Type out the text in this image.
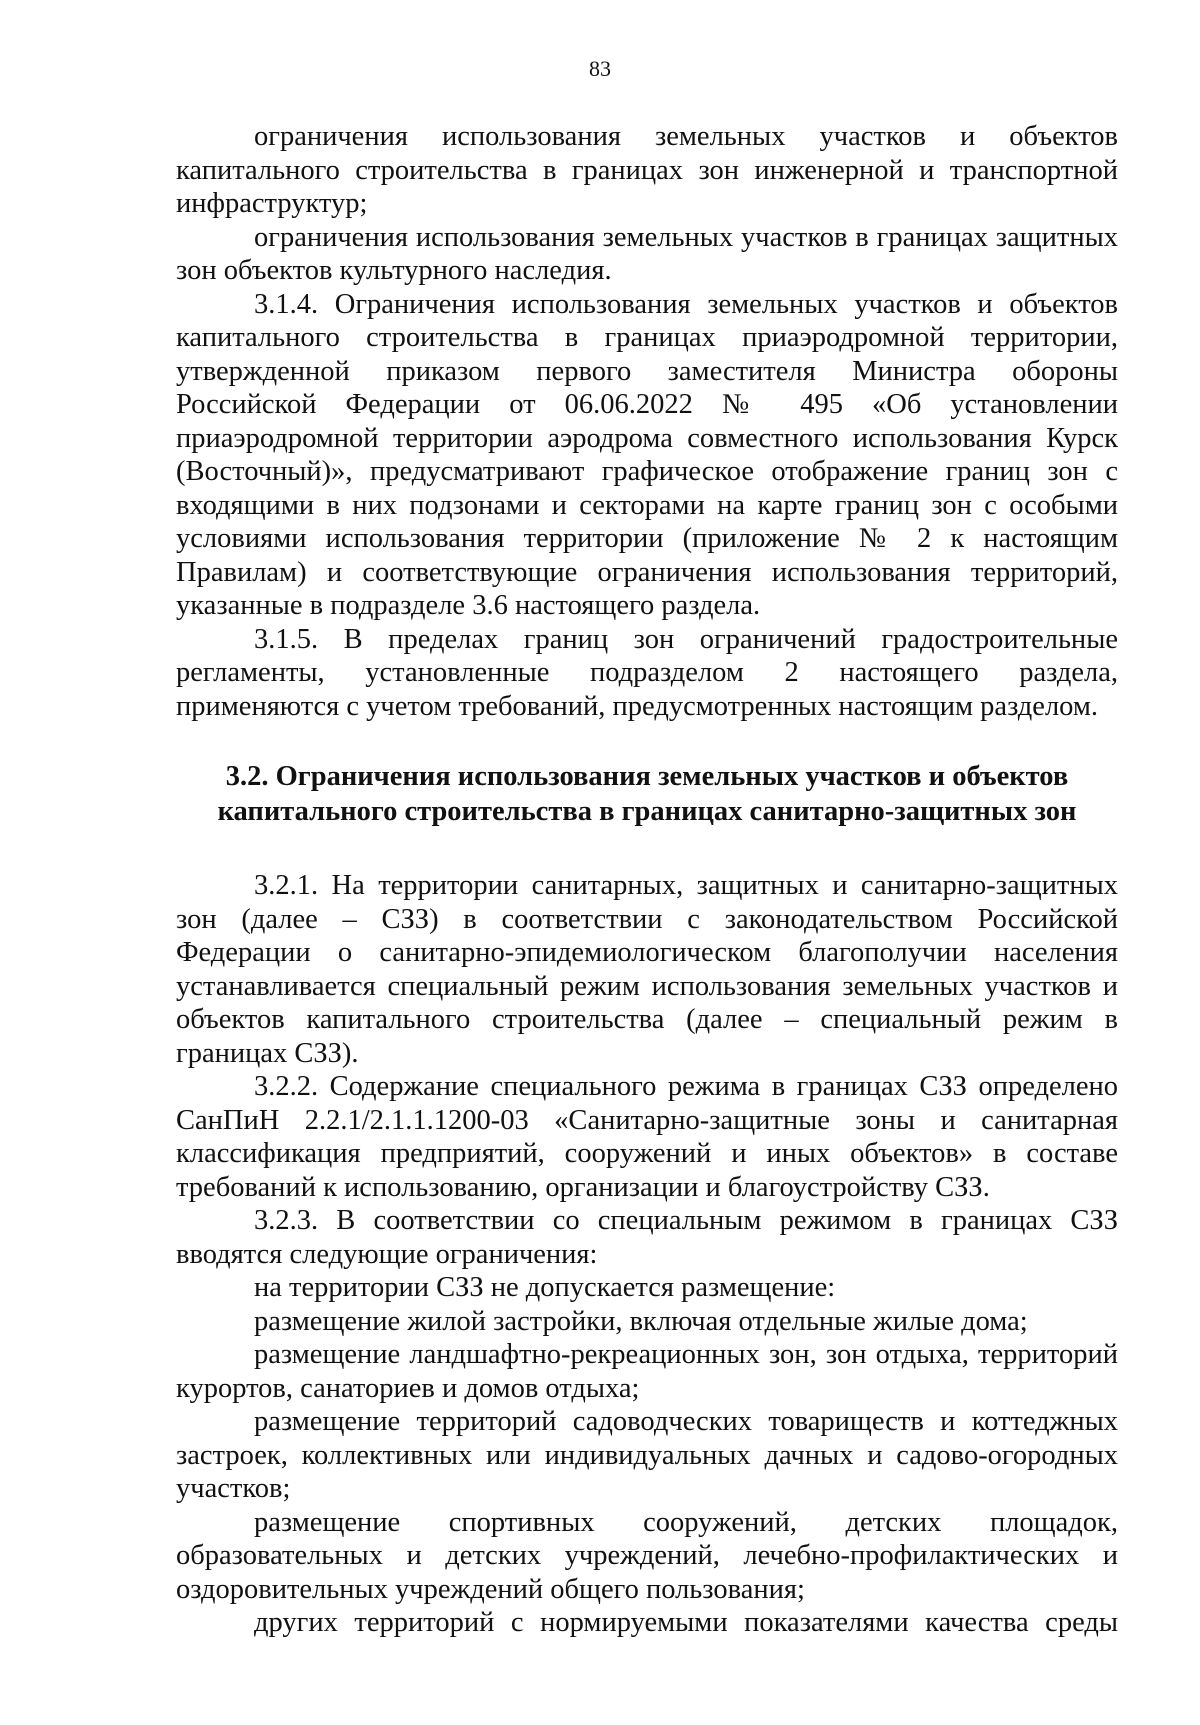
83

ограничения использования земельных участков и объектов капитального строительства в границах зон инженерной и транспортной инфраструктур;

ограничения использования земельных участков в границах защитных зон объектов культурного наследия.

3.1.4. Ограничения использования земельных участков и объектов капитального строительства в границах приаэродромной территории, утвержденной приказом первого заместителя Министра обороны Российской Федерации от 06.06.2022 № 495 «Об установлении приаэродромной территории аэродрома совместного использования Курск (Восточный)», предусматривают графическое отображение границ зон с входящими в них подзонами и секторами на карте границ зон с особыми условиями использования территории (приложение № 2 к настоящим Правилам) и соответствующие ограничения использования территорий, указанные в подразделе 3.6 настоящего раздела.

3.1.5. В пределах границ зон ограничений градостроительные регламенты, установленные подразделом 2 настоящего раздела, применяются с учетом требований, предусмотренных настоящим разделом.

3.2. Ограничения использования земельных участков и объектов
капитального строительства в границах санитарно-защитных зон

3.2.1. На территории санитарных, защитных и санитарно-защитных зон (далее – СЗЗ) в соответствии с законодательством Российской Федерации о санитарно-эпидемиологическом благополучии населения устанавливается специальный режим использования земельных участков и объектов капитального строительства (далее – специальный режим в границах СЗЗ).

3.2.2. Содержание специального режима в границах СЗЗ определено СанПиН 2.2.1/2.1.1.1200-03 «Санитарно-защитные зоны и санитарная классификация предприятий, сооружений и иных объектов» в составе требований к использованию, организации и благоустройству СЗЗ.

3.2.3. В соответствии со специальным режимом в границах СЗЗ вводятся следующие ограничения:

на территории СЗЗ не допускается размещение:

размещение жилой застройки, включая отдельные жилые дома;

размещение ландшафтно-рекреационных зон, зон отдыха, территорий курортов, санаториев и домов отдыха;

размещение территорий садоводческих товариществ и коттеджных застроек, коллективных или индивидуальных дачных и садово-огородных участков;

размещение спортивных сооружений, детских площадок, образовательных и детских учреждений, лечебно-профилактических и оздоровительных учреждений общего пользования;

других территорий с нормируемыми показателями качества среды
